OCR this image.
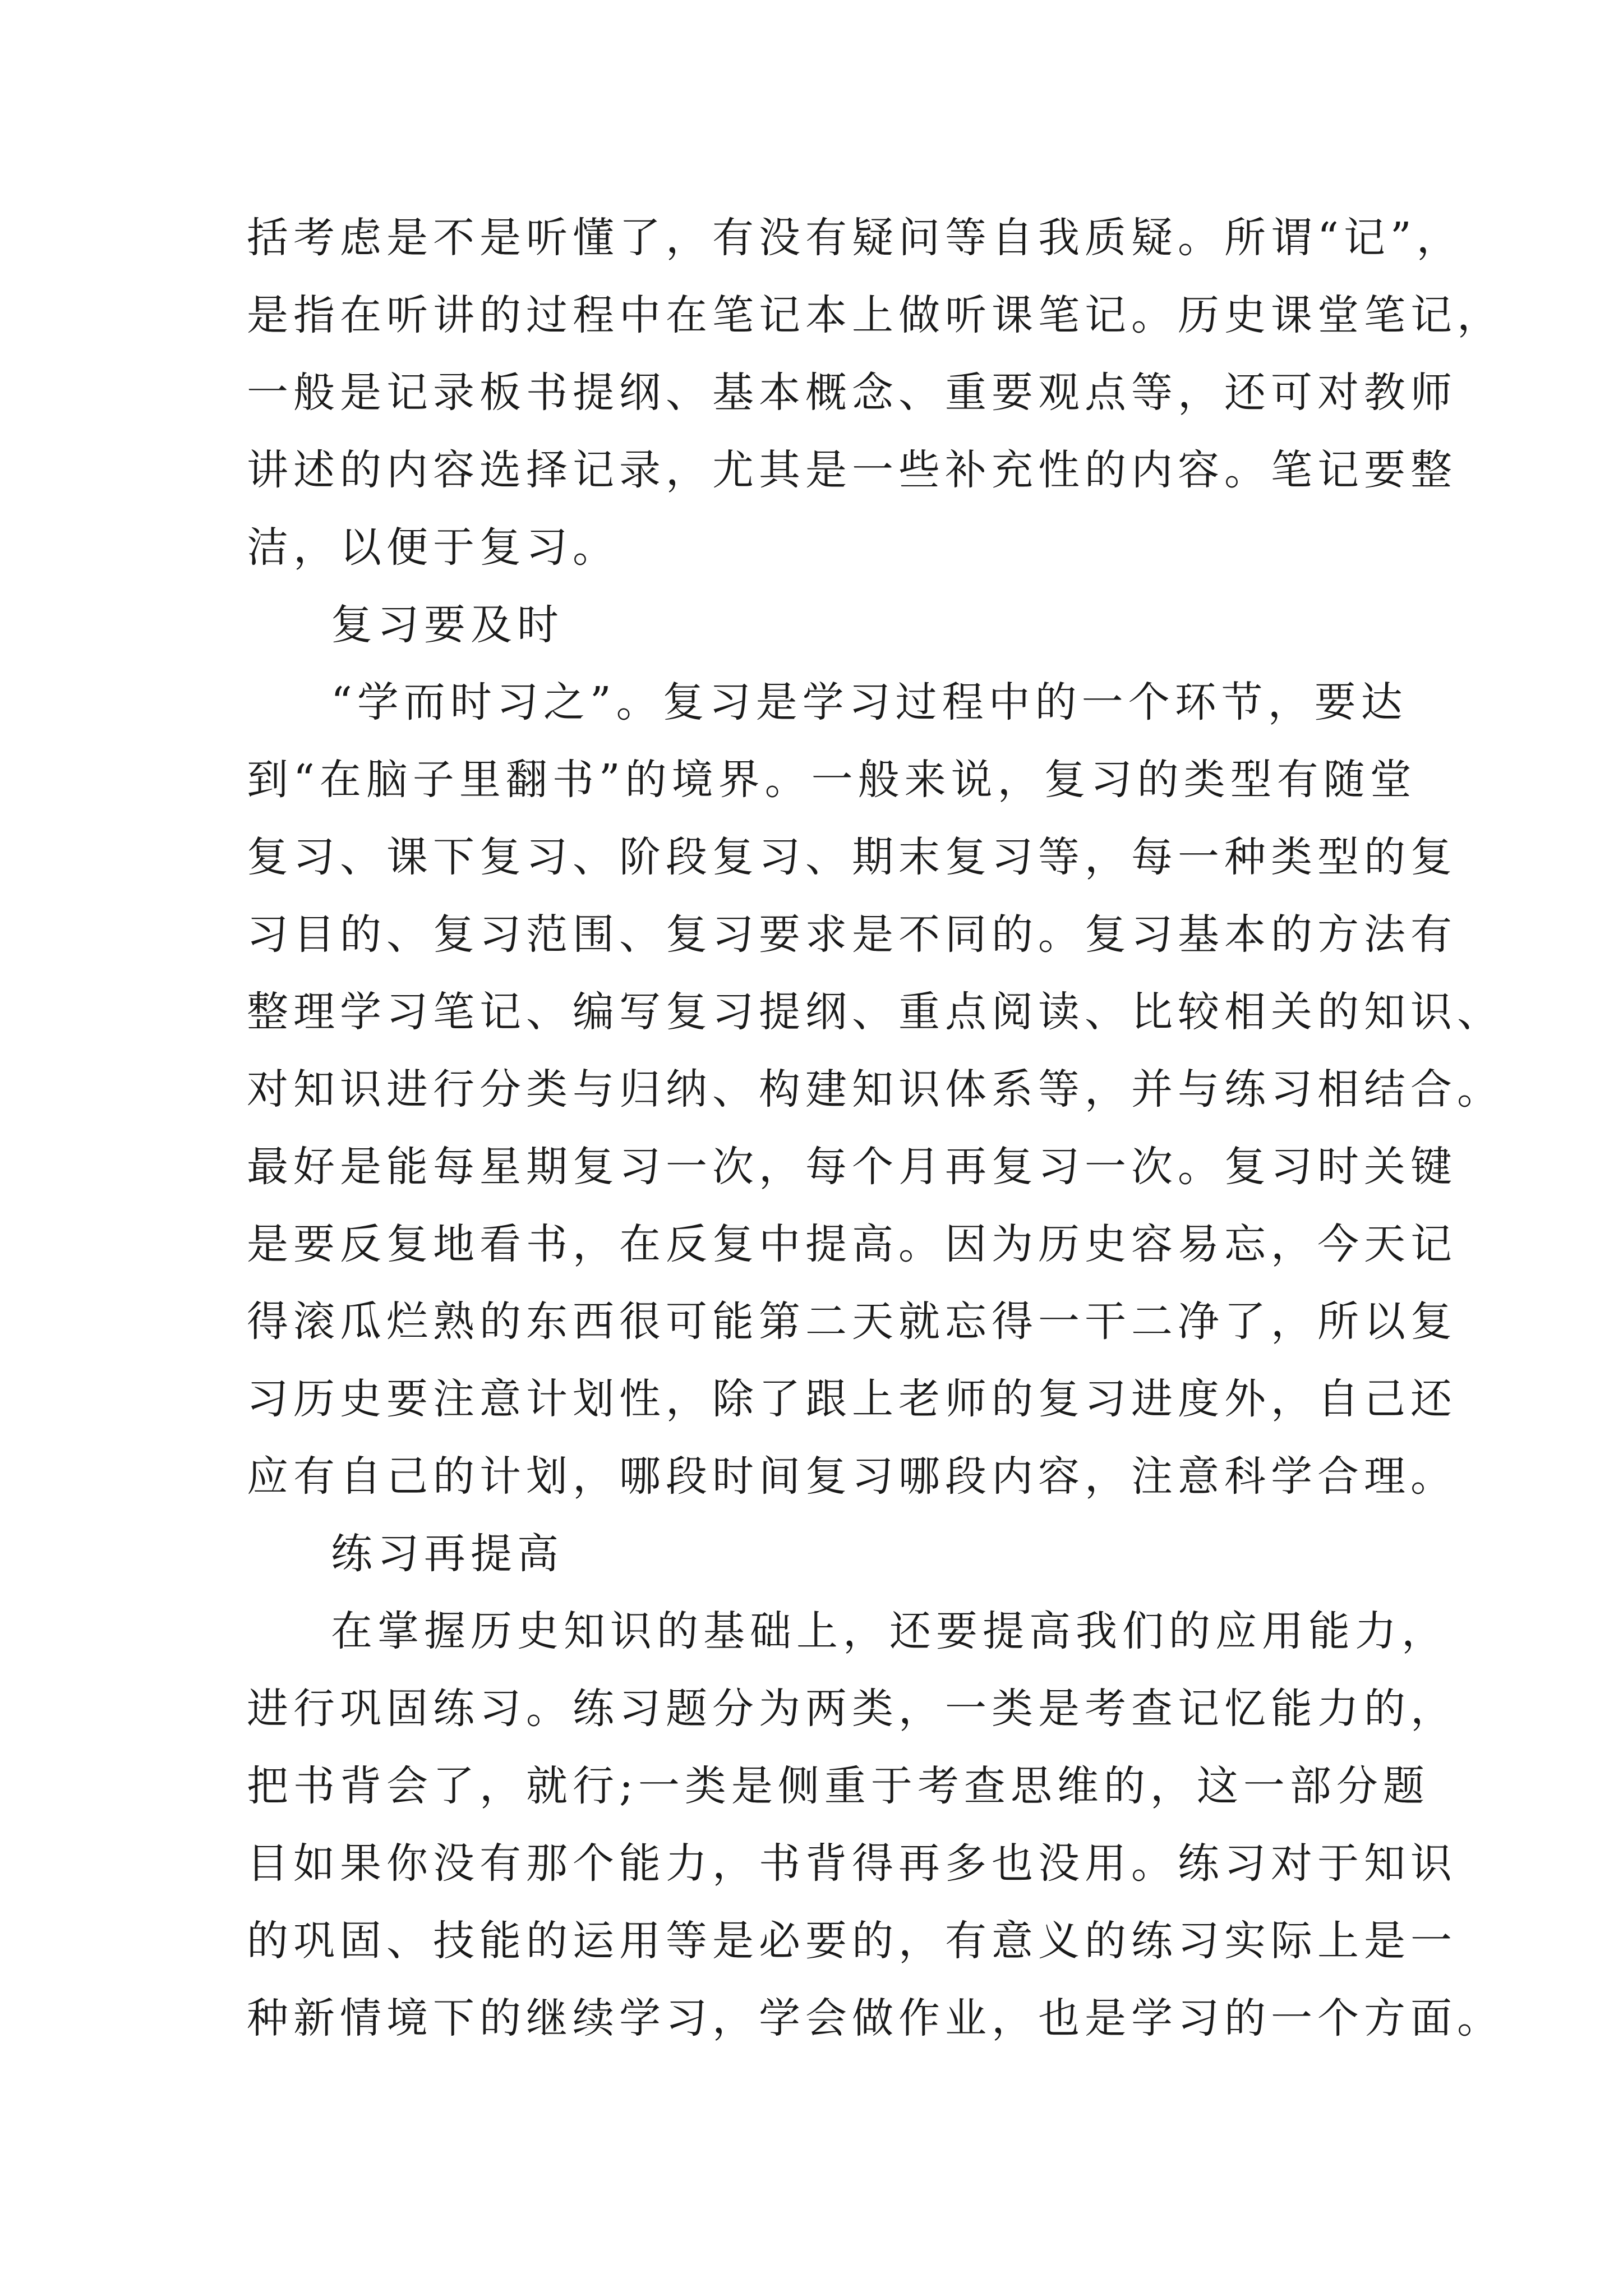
括考虑是不是听懂了，有没有疑问等自我质疑。所谓“记”，
是指在听讲的过程中在笔记本上做听课笔记。历史课堂笔记，
一般是记录板书提纲、基本概念、重要观点等，还可对教师
讲述的内容选择记录，尤其是一些补充性的内容。笔记要整
洁，以便于复习。
复习要及时
“学而时习之”。复习是学习过程中的一个环节，要达
到“在脑子里翻书”的境界。一般来说，复习的类型有随堂
复习、课下复习、阶段复习、期末复习等，每一种类型的复
习目的、复习范围、复习要求是不同的。复习基本的方法有
整理学习笔记、编写复习提纲、重点阅读、比较相关的知识、
对知识进行分类与归纳、构建知识体系等，并与练习相结合。
最好是能每星期复习一次，每个月再复习一次。复习时关键
是要反复地看书，在反复中提高。因为历史容易忘，今天记
得滚瓜烂熟的东西很可能第二天就忘得一干二净了，所以复
习历史要注意计划性，除了跟上老师的复习进度外，自己还
应有自己的计划，哪段时间复习哪段内容，注意科学合理。
练习再提高
在掌握历史知识的基础上，还要提高我们的应用能力，
进行巩固练习。练习题分为两类，一类是考查记忆能力的，
把书背会了，就行;一类是侧重于考查思维的，这一部分题
目如果你没有那个能力，书背得再多也没用。练习对于知识
的巩固、技能的运用等是必要的，有意义的练习实际上是一
种新情境下的继续学习，学会做作业，也是学习的一个方面。
